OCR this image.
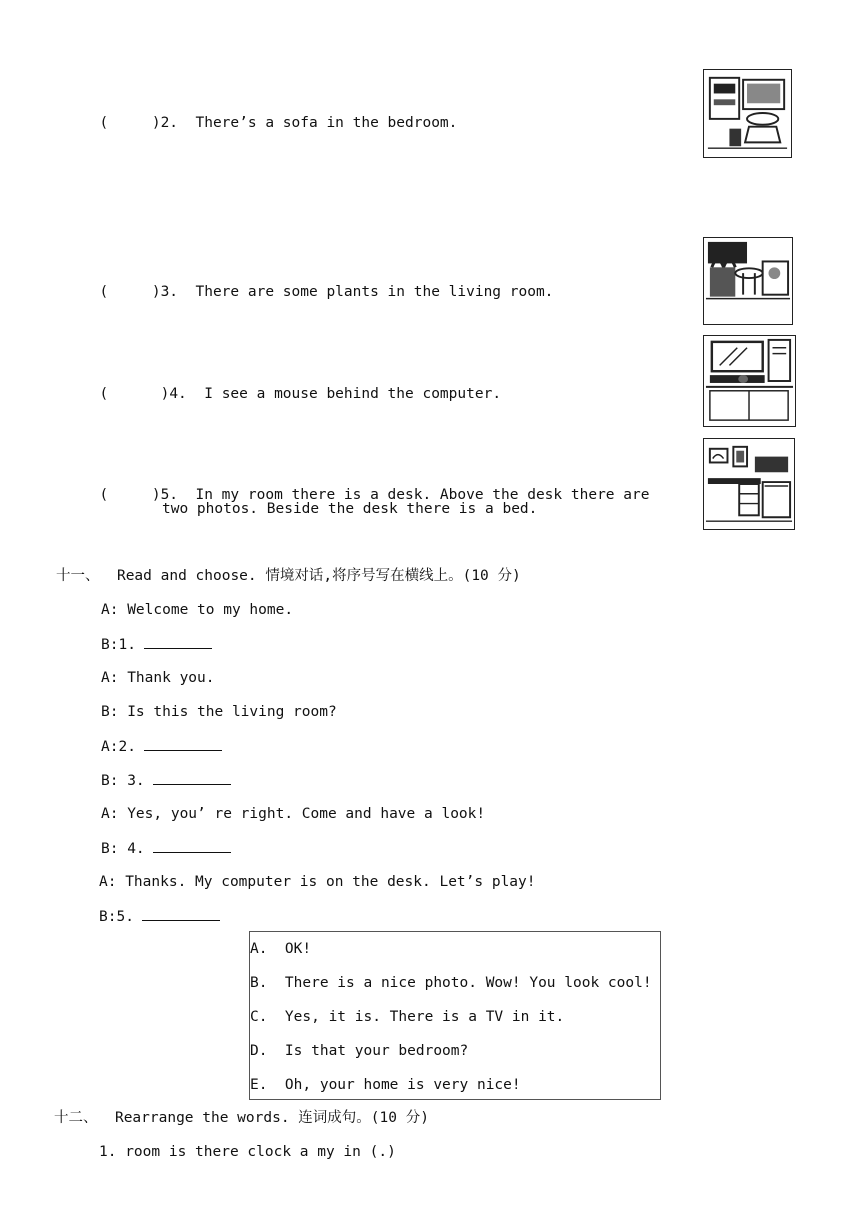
(     )2.  There’s a sofa in the bedroom.

(     )3.  There are some plants in the living room.

(      )4.  I see a mouse behind the computer.

(     )5.  In my room there is a desk. Above the desk there are

two photos. Beside the desk there is a bed.
十一、  Read and choose. 情境对话,将序号写在横线上。(10 分)
A: Welcome to my home.
B:1.
A: Thank you.
B: Is this the living room?
A:2.
B: 3.
A: Yes, you’ re right. Come and have a look!
B: 4.
A: Thanks. My computer is on the desk. Let’s play!
B:5.
A.  OK!
B.  There is a nice photo. Wow! You look cool!
C.  Yes, it is. There is a TV in it.
D.  Is that your bedroom?
E.  Oh, your home is very nice!
十二、  Rearrange the words. 连词成句。(10 分)
1. room is there clock a my in (.)
